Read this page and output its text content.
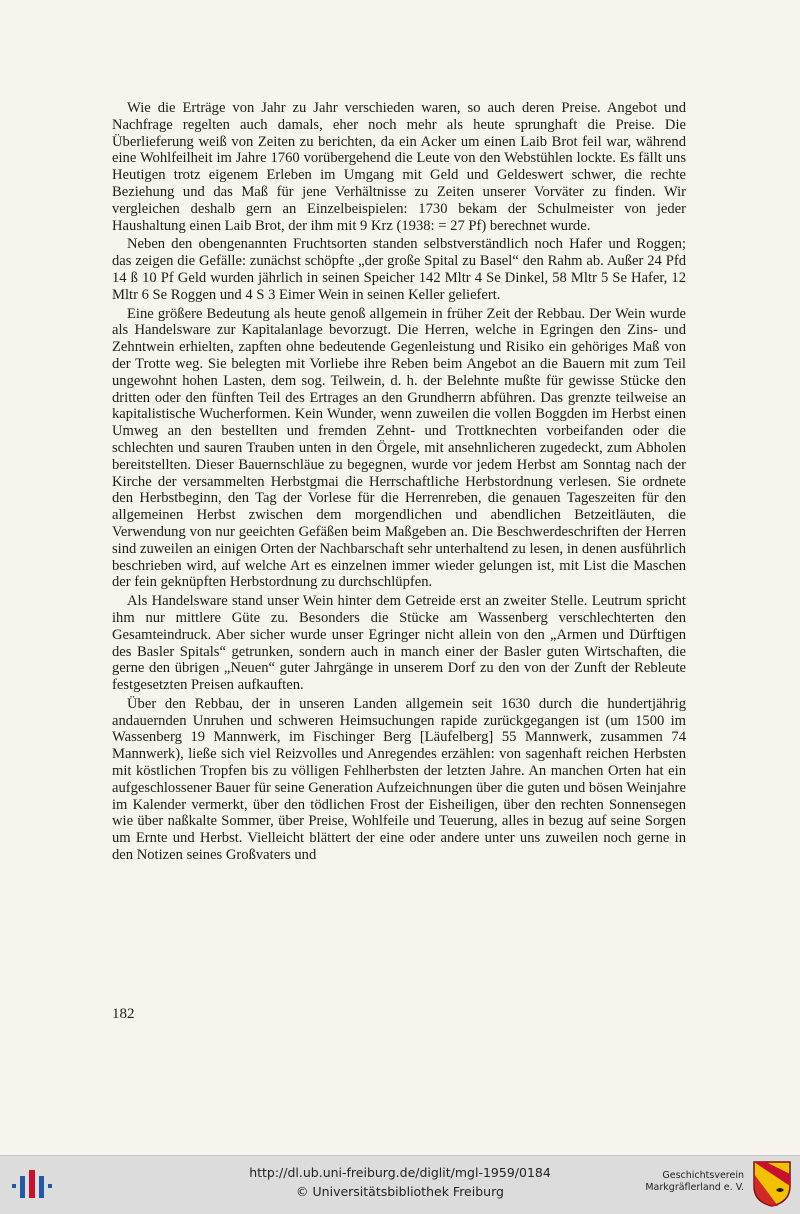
Wie die Erträge von Jahr zu Jahr verschieden waren, so auch deren Preise. Angebot und Nachfrage regelten auch damals, eher noch mehr als heute sprunghaft die Preise. Die Überlieferung weiß von Zeiten zu berichten, da ein Acker um einen Laib Brot feil war, während eine Wohlfeilheit im Jahre 1760 vorübergehend die Leute von den Webstühlen lockte. Es fällt uns Heutigen trotz eigenem Erleben im Umgang mit Geld und Geldeswert schwer, die rechte Beziehung und das Maß für jene Verhältnisse zu Zeiten unserer Vorväter zu finden. Wir vergleichen deshalb gern an Einzelbeispielen: 1730 bekam der Schulmeister von jeder Haushaltung einen Laib Brot, der ihm mit 9 Krz (1938: = 27 Pf) berechnet wurde.

Neben den obengenannten Fruchtsorten standen selbstverständlich noch Hafer und Roggen; das zeigen die Gefälle: zunächst schöpfte „der große Spital zu Basel“ den Rahm ab. Außer 24 Pfd 14 ß 10 Pf Geld wurden jährlich in seinen Speicher 142 Mltr 4 Se Dinkel, 58 Mltr 5 Se Hafer, 12 Mltr 6 Se Roggen und 4 S 3 Eimer Wein in seinen Keller geliefert.

Eine größere Bedeutung als heute genoß allgemein in früher Zeit der Rebbau. Der Wein wurde als Handelsware zur Kapitalanlage bevorzugt. Die Herren, welche in Egringen den Zins- und Zehntwein erhielten, zapften ohne bedeutende Gegenleistung und Risiko ein gehöriges Maß von der Trotte weg. Sie belegten mit Vorliebe ihre Reben beim Angebot an die Bauern mit zum Teil ungewohnt hohen Lasten, dem sog. Teilwein, d. h. der Belehnte mußte für gewisse Stücke den dritten oder den fünften Teil des Ertrages an den Grundherrn abführen. Das grenzte teilweise an kapitalistische Wucherformen. Kein Wunder, wenn zuweilen die vollen Boggden im Herbst einen Umweg an den bestellten und fremden Zehnt- und Trottknechten vorbeifanden oder die schlechten und sauren Trauben unten in den Örgele, mit ansehnlicheren zugedeckt, zum Abholen bereitstellten. Dieser Bauernschläue zu begegnen, wurde vor jedem Herbst am Sonntag nach der Kirche der versammelten Herbstgmai die Herrschaftliche Herbstordnung verlesen. Sie ordnete den Herbstbeginn, den Tag der Vorlese für die Herrenreben, die genauen Tageszeiten für den allgemeinen Herbst zwischen dem morgendlichen und abendlichen Betzeitläuten, die Verwendung von nur geeichten Gefäßen beim Maßgeben an. Die Beschwerdeschriften der Herren sind zuweilen an einigen Orten der Nachbarschaft sehr unterhaltend zu lesen, in denen ausführlich beschrieben wird, auf welche Art es einzelnen immer wieder gelungen ist, mit List die Maschen der fein geknüpften Herbstordnung zu durchschlüpfen.

Als Handelsware stand unser Wein hinter dem Getreide erst an zweiter Stelle. Leutrum spricht ihm nur mittlere Güte zu. Besonders die Stücke am Wassenberg verschlechterten den Gesamteindruck. Aber sicher wurde unser Egringer nicht allein von den „Armen und Dürftigen des Basler Spitals“ getrunken, sondern auch in manch einer der Basler guten Wirtschaften, die gerne den übrigen „Neuen“ guter Jahrgänge in unserem Dorf zu den von der Zunft der Rebleute festgesetzten Preisen aufkauften.

Über den Rebbau, der in unseren Landen allgemein seit 1630 durch die hundertjährig andauernden Unruhen und schweren Heimsuchungen rapide zurückgegangen ist (um 1500 im Wassenberg 19 Mannwerk, im Fischinger Berg [Läufelberg] 55 Mannwerk, zusammen 74 Mannwerk), ließe sich viel Reizvolles und Anregendes erzählen: von sagenhaft reichen Herbsten mit köstlichen Tropfen bis zu völligen Fehlherbsten der letzten Jahre. An manchen Orten hat ein aufgeschlossener Bauer für seine Generation Aufzeichnungen über die guten und bösen Weinjahre im Kalender vermerkt, über den tödlichen Frost der Eisheiligen, über den rechten Sonnensegen wie über naßkalte Sommer, über Preise, Wohlfeile und Teuerung, alles in bezug auf seine Sorgen um Ernte und Herbst. Vielleicht blättert der eine oder andere unter uns zuweilen noch gerne in den Notizen seines Großvaters und

182
http://dl.ub.uni-freiburg.de/diglit/mgl-1959/0184
© Universitätsbibliothek Freiburg
Geschichtsverein
Markgräflerland e. V.
